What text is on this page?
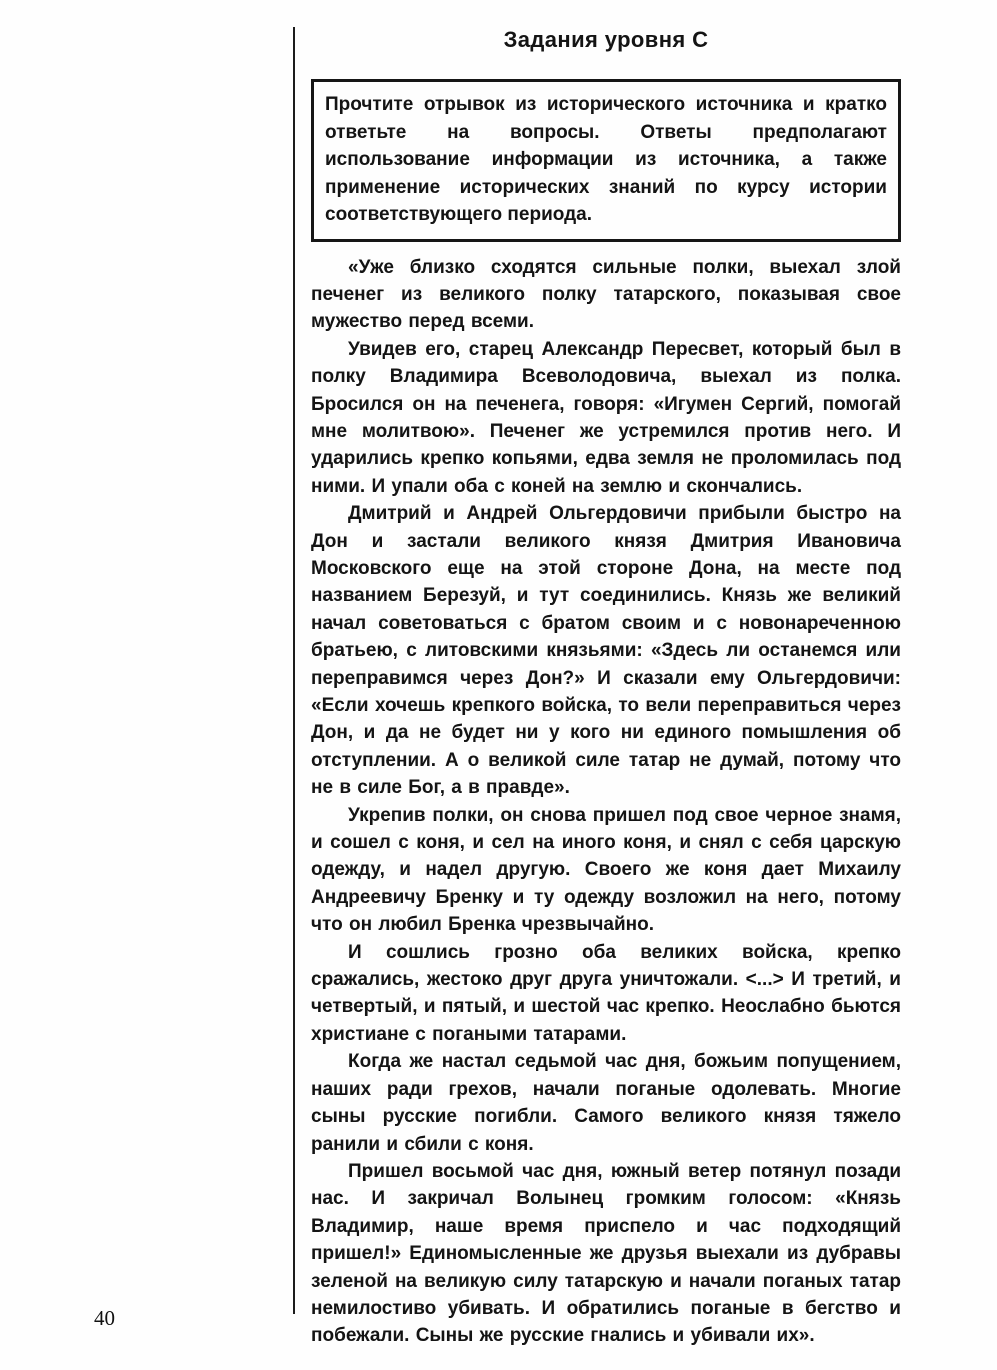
Задания уровня С

Прочтите отрывок из исторического источника и кратко ответьте на вопросы. Ответы предполагают использование информации из источника, а также применение исторических знаний по курсу истории соответствующего периода.

«Уже близко сходятся сильные полки, выехал злой печенег из великого полку татарского, показывая свое мужество перед всеми.

Увидев его, старец Александр Пересвет, который был в полку Владимира Всеволодовича, выехал из полка. Бросился он на печенега, говоря: «Игумен Сергий, помогай мне молитвою». Печенег же устремился против него. И ударились крепко копьями, едва земля не проломилась под ними. И упали оба с коней на землю и скончались.

Дмитрий и Андрей Ольгердовичи прибыли быстро на Дон и застали великого князя Дмитрия Ивановича Московского еще на этой стороне Дона, на месте под названием Березуй, и тут соединились. Князь же великий начал советоваться с братом своим и с новонареченною братьею, с литовскими князьями: «Здесь ли останемся или переправимся через Дон?» И сказали ему Ольгердовичи: «Если хочешь крепкого войска, то вели переправиться через Дон, и да не будет ни у кого ни единого помышления об отступлении. А о великой силе татар не думай, потому что не в силе Бог, а в правде».

Укрепив полки, он снова пришел под свое черное знамя, и сошел с коня, и сел на иного коня, и снял с себя царскую одежду, и надел другую. Своего же коня дает Михаилу Андреевичу Бренку и ту одежду возложил на него, потому что он любил Бренка чрезвычайно.

И сошлись грозно оба великих войска, крепко сражались, жестоко друг друга уничтожали. <...> И третий, и четвертый, и пятый, и шестой час крепко. Неослабно бьются христиане с погаными татарами.

Когда же настал седьмой час дня, божьим попущением, наших ради грехов, начали поганые одолевать. Многие сыны русские погибли. Самого великого князя тяжело ранили и сбили с коня.

Пришел восьмой час дня, южный ветер потянул позади нас. И закричал Волынец громким голосом: «Князь Владимир, наше время приспело и час подходящий пришел!» Единомысленные же друзья выехали из дубравы зеленой на великую силу татарскую и начали поганых татар немилостиво убивать. И обратились поганые в бегство и побежали. Сыны же русские гнались и убивали их».

40
